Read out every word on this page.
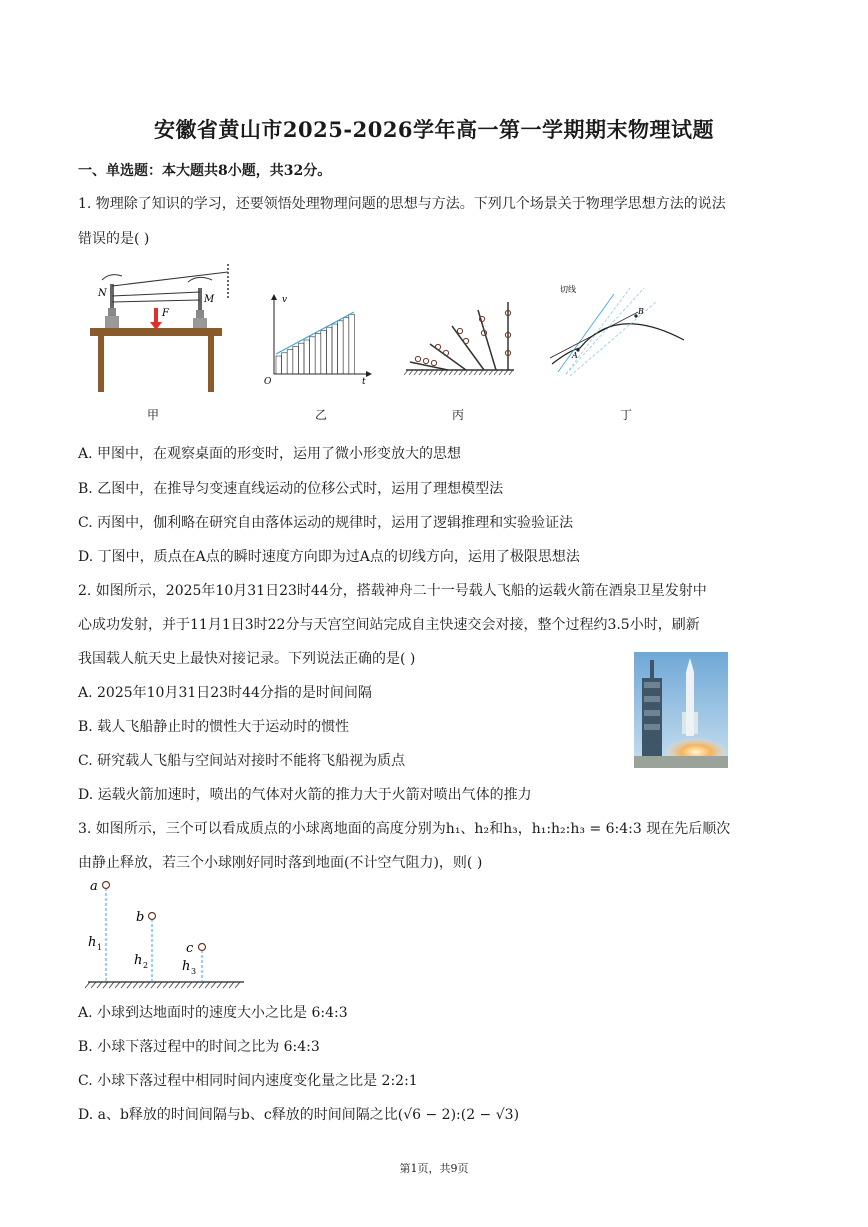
安徽省黄山市2025-2026学年高一第一学期期末物理试题
一、单选题：本大题共8小题，共32分。
1. 物理除了知识的学习，还要领悟处理物理问题的思想与方法。下列几个场景关于物理学思想方法的说法
错误的是( )
N
M
F
v
t
O
切线
A
B
甲	乙	丙	丁
A. 甲图中，在观察桌面的形变时，运用了微小形变放大的思想
B. 乙图中，在推导匀变速直线运动的位移公式时，运用了理想模型法
C. 丙图中，伽利略在研究自由落体运动的规律时，运用了逻辑推理和实验验证法
D. 丁图中，质点在A点的瞬时速度方向即为过A点的切线方向，运用了极限思想法
2. 如图所示，2025年10月31日23时44分，搭载神舟二十一号载人飞船的运载火箭在酒泉卫星发射中
心成功发射，并于11月1日3时22分与天宫空间站完成自主快速交会对接，整个过程约3.5小时，刷新
我国载人航天史上最快对接记录。下列说法正确的是( )
A. 2025年10月31日23时44分指的是时间间隔
B. 载人飞船静止时的惯性大于运动时的惯性
C. 研究载人飞船与空间站对接时不能将飞船视为质点
D. 运载火箭加速时，喷出的气体对火箭的推力大于火箭对喷出气体的推力
3. 如图所示，三个可以看成质点的小球离地面的高度分别为h₁、h₂和h₃，h₁:h₂:h₃ = 6:4:3 现在先后顺次
由静止释放，若三个小球刚好同时落到地面(不计空气阻力)，则( )
a
b
c
h 1
h 2	h 3
A. 小球到达地面时的速度大小之比是 6:4:3
B. 小球下落过程中的时间之比为 6:4:3
C. 小球下落过程中相同时间内速度变化量之比是 2:2:1
D. a、b释放的时间间隔与b、c释放的时间间隔之比(√6 − 2):(2 − √3)
第1页，共9页
